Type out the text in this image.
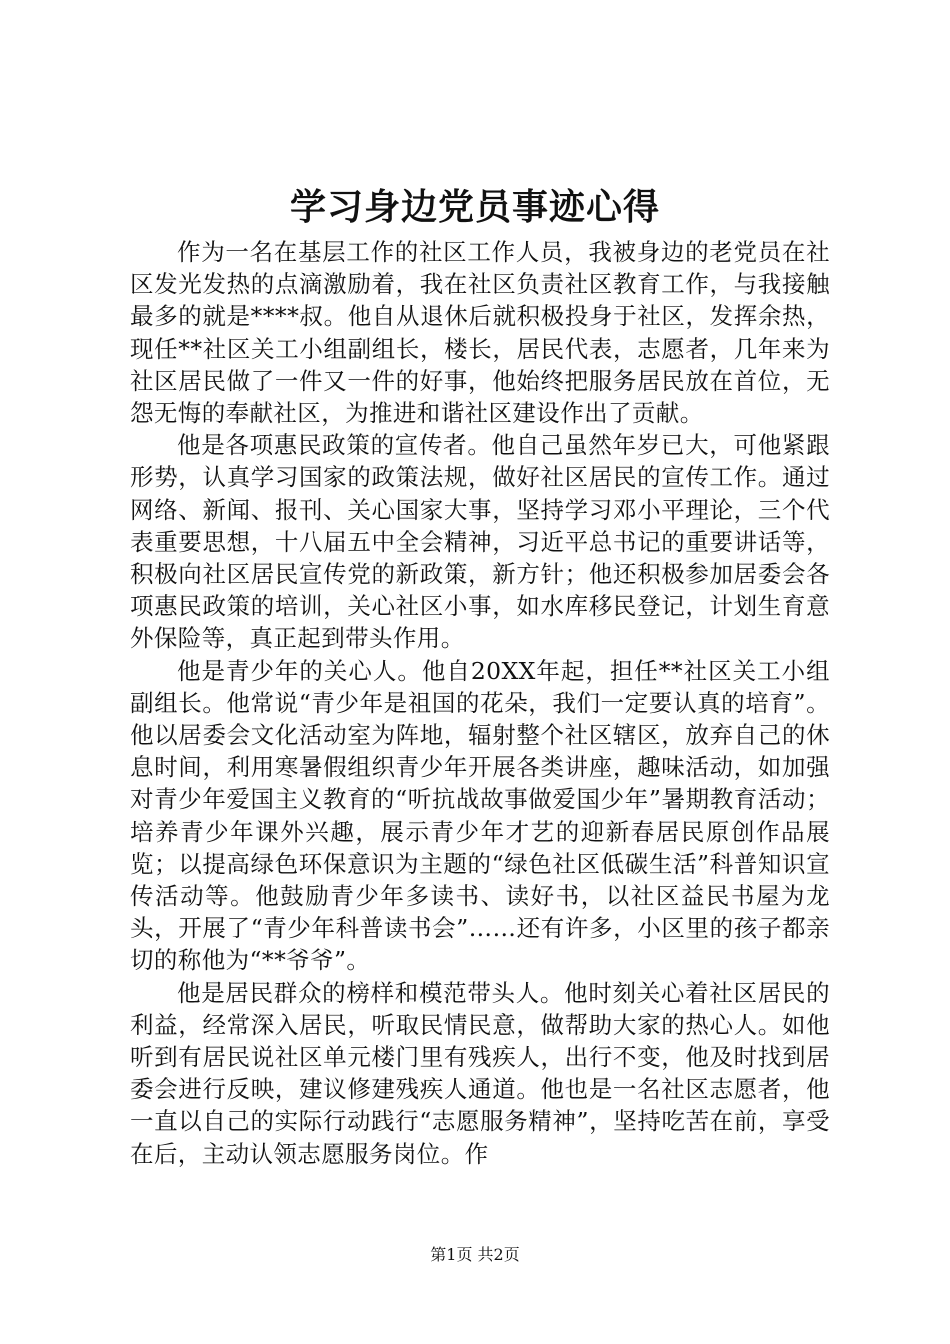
学习身边党员事迹心得

作为一名在基层工作的社区工作人员，我被身边的老党员在社区发光发热的点滴激励着，我在社区负责社区教育工作，与我接触最多的就是****叔。他自从退休后就积极投身于社区，发挥余热，现任**社区关工小组副组长，楼长，居民代表，志愿者，几年来为社区居民做了一件又一件的好事，他始终把服务居民放在首位，无怨无悔的奉献社区，为推进和谐社区建设作出了贡献。

他是各项惠民政策的宣传者。他自己虽然年岁已大，可他紧跟形势，认真学习国家的政策法规，做好社区居民的宣传工作。通过网络、新闻、报刊、关心国家大事，坚持学习邓小平理论，三个代表重要思想，十八届五中全会精神，习近平总书记的重要讲话等，积极向社区居民宣传党的新政策，新方针；他还积极参加居委会各项惠民政策的培训，关心社区小事，如水库移民登记，计划生育意外保险等，真正起到带头作用。

他是青少年的关心人。他自20XX年起，担任**社区关工小组副组长。他常说“青少年是祖国的花朵，我们一定要认真的培育”。他以居委会文化活动室为阵地，辐射整个社区辖区，放弃自己的休息时间，利用寒暑假组织青少年开展各类讲座，趣味活动，如加强对青少年爱国主义教育的“听抗战故事做爱国少年”暑期教育活动；培养青少年课外兴趣，展示青少年才艺的迎新春居民原创作品展览；以提高绿色环保意识为主题的“绿色社区低碳生活”科普知识宣传活动等。他鼓励青少年多读书、读好书，以社区益民书屋为龙头，开展了“青少年科普读书会”……还有许多，小区里的孩子都亲切的称他为“**爷爷”。

他是居民群众的榜样和模范带头人。他时刻关心着社区居民的利益，经常深入居民，听取民情民意，做帮助大家的热心人。如他听到有居民说社区单元楼门里有残疾人，出行不变，他及时找到居委会进行反映，建议修建残疾人通道。他也是一名社区志愿者，他一直以自己的实际行动践行“志愿服务精神”，坚持吃苦在前，享受在后，主动认领志愿服务岗位。作

第1页 共2页
